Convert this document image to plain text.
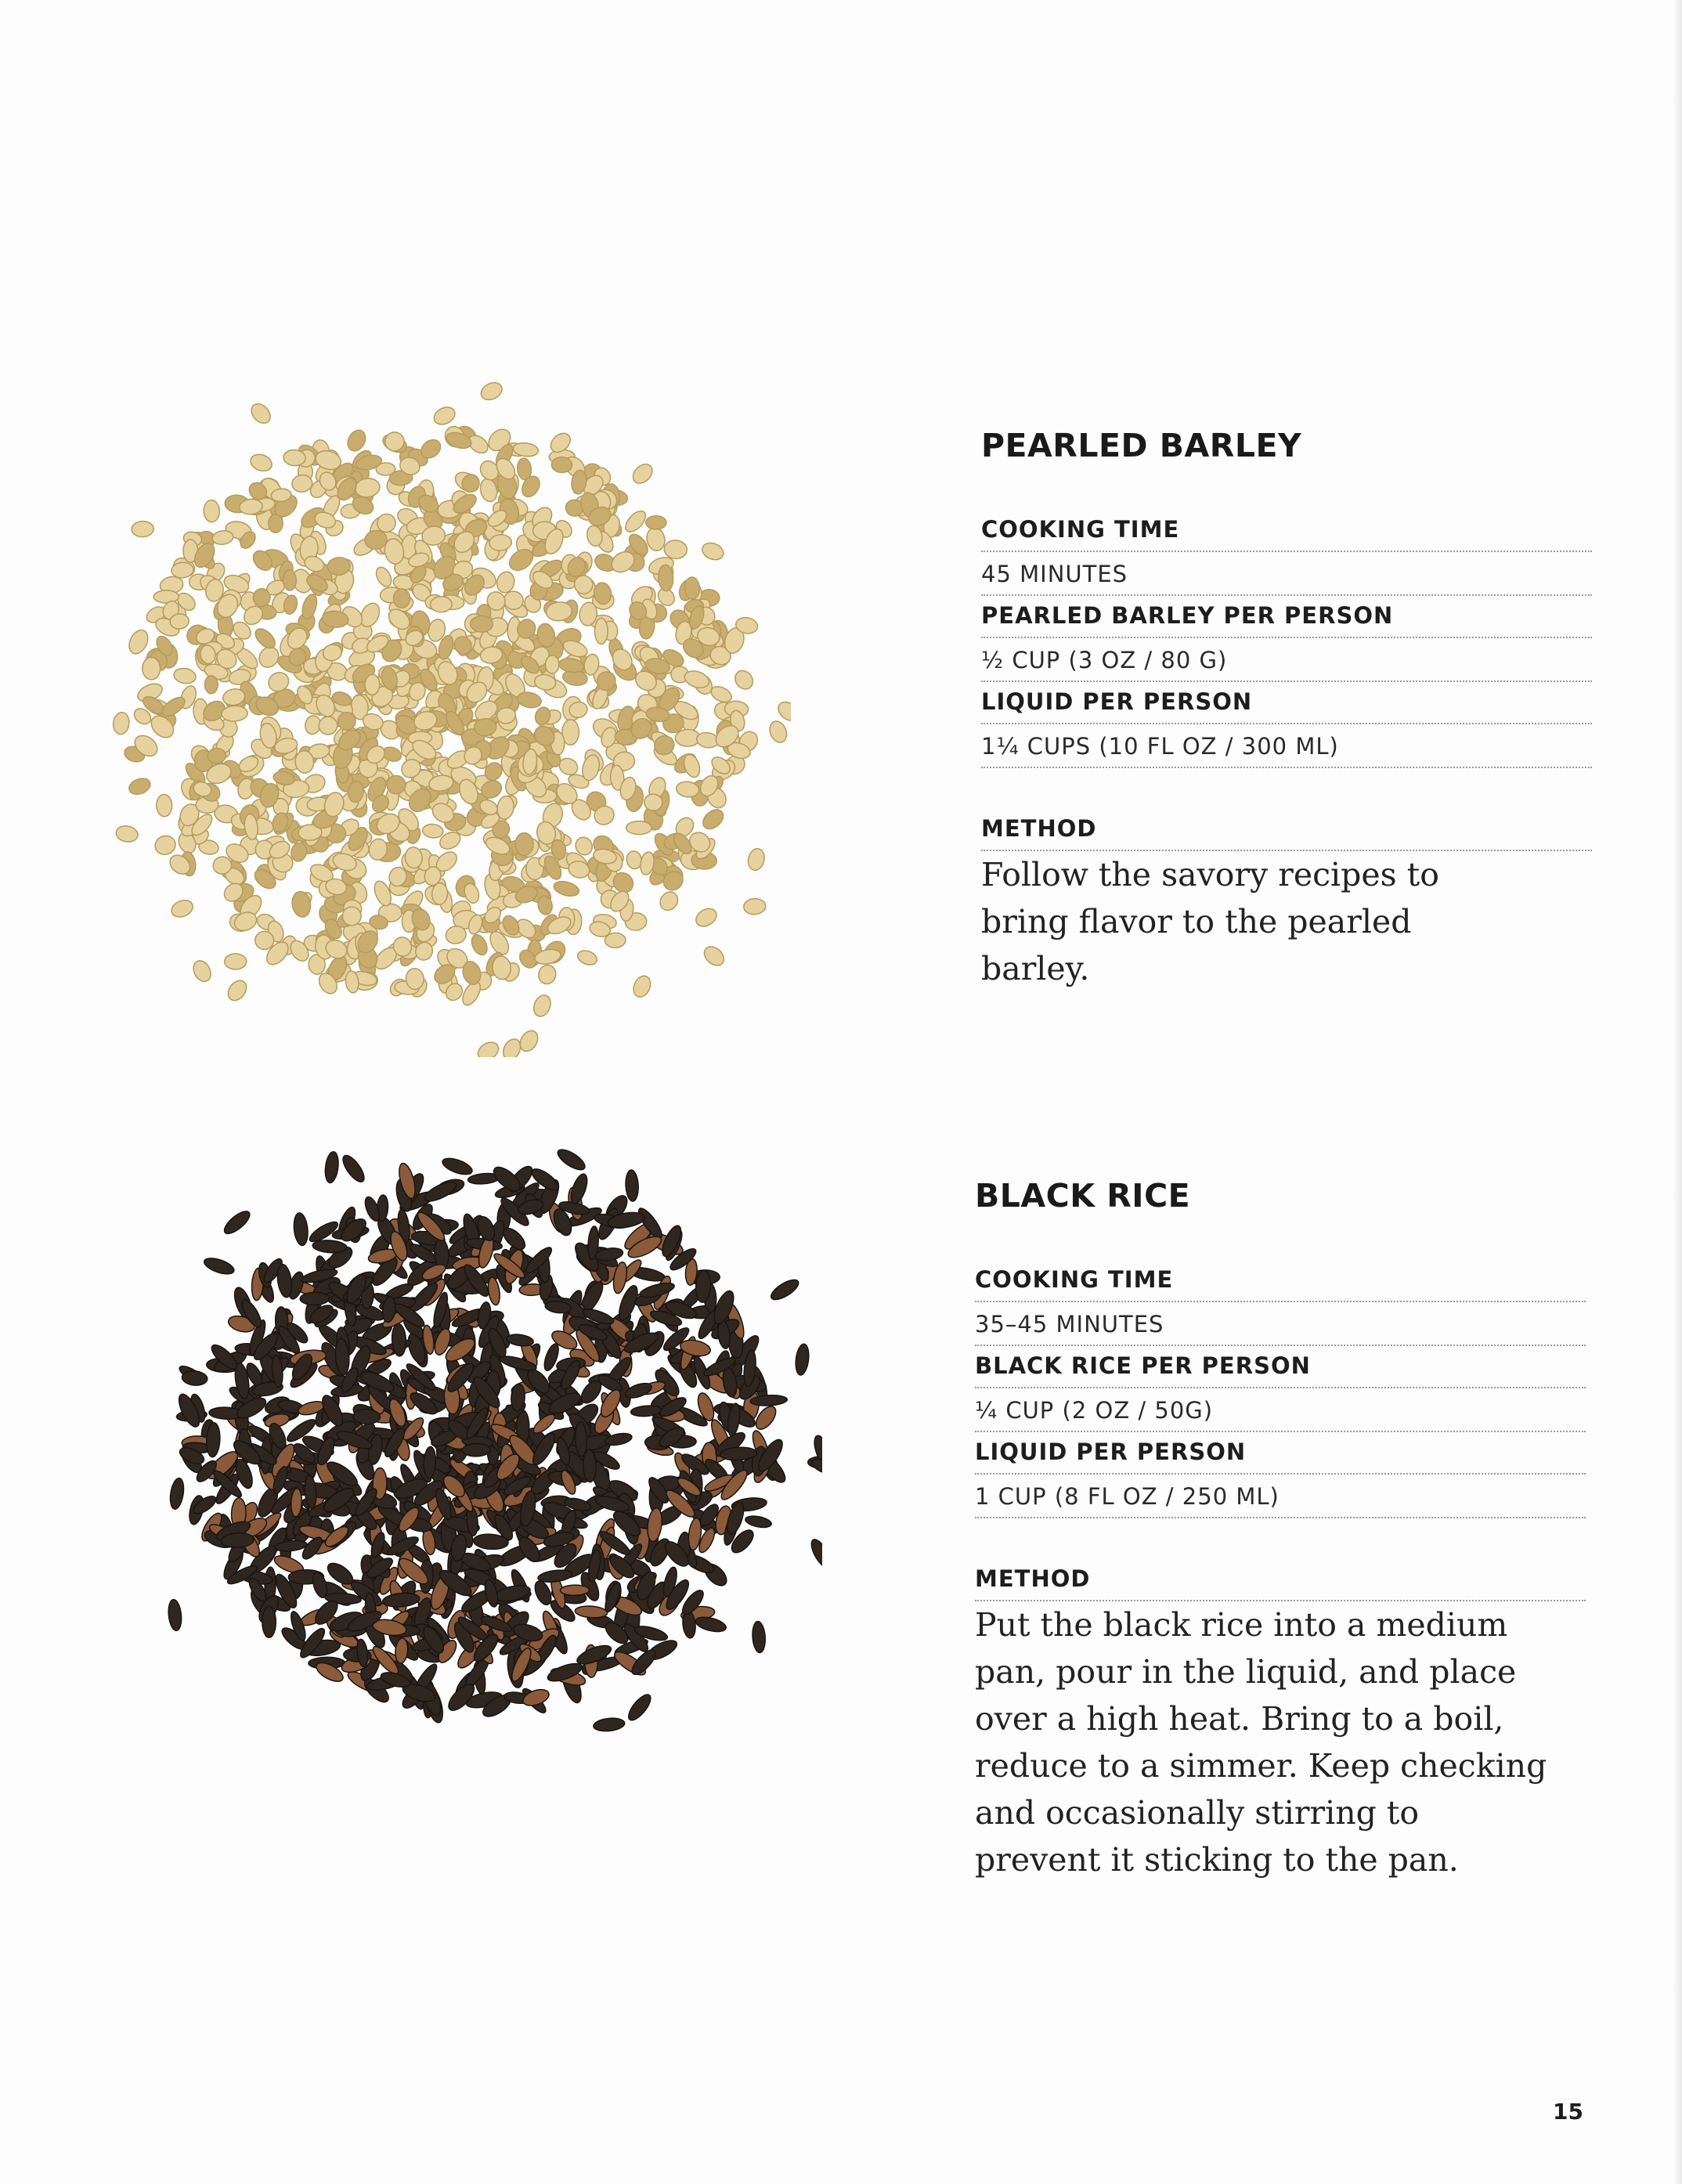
PEARLED BARLEY
COOKING TIME
45 MINUTES
PEARLED BARLEY PER PERSON
½ CUP (3 OZ / 80 G)
LIQUID PER PERSON
1¼ CUPS (10 FL OZ / 300 ML)
METHOD

Follow the savory recipes to bring flavor to the pearled barley.

BLACK RICE
COOKING TIME
35–45 MINUTES
BLACK RICE PER PERSON
¼ CUP (2 OZ / 50G)
LIQUID PER PERSON
1 CUP (8 FL OZ / 250 ML)
METHOD

Put the black rice into a medium pan, pour in the liquid, and place over a high heat. Bring to a boil, reduce to a simmer. Keep checking and occasionally stirring to prevent it sticking to the pan.

15
